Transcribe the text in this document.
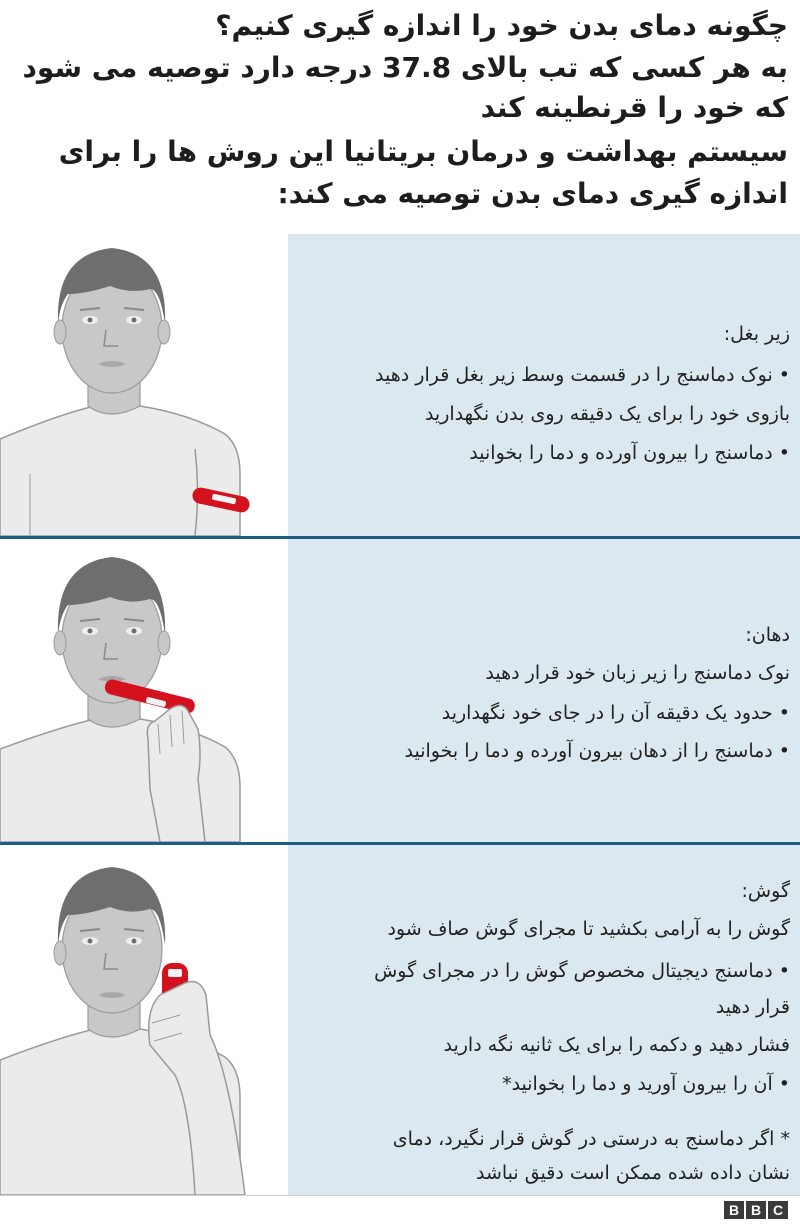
چگونه دمای بدن خود را اندازه گیری کنیم؟
به هر کسی که تب بالای 37.8 درجه دارد توصیه می شود
که خود را قرنطینه کند
سیستم بهداشت و درمان بریتانیا این روش ها را برای
اندازه گیری دمای بدن توصیه می کند:
زیر بغل:
• نوک دماسنج را در قسمت وسط زیر بغل قرار دهید
بازوی خود را برای یک دقیقه روی بدن نگهدارید
• دماسنج را بیرون آورده و دما را بخوانید
دهان:
نوک دماسنج را زیر زبان خود قرار دهید
• حدود یک دقیقه آن را در جای خود نگهدارید
• دماسنج را از دهان بیرون آورده و دما را بخوانید
گوش:
گوش را به آرامی بکشید تا مجرای گوش صاف شود
• دماسنج دیجیتال مخصوص گوش را در مجرای گوش
قرار دهید
فشار دهید و دکمه را برای یک ثانیه نگه دارید
• آن را بیرون آورید و دما را بخوانید*
* اگر دماسنج به درستی در گوش قرار نگیرد، دمای
نشان داده شده ممکن است دقیق نباشد
B B C
